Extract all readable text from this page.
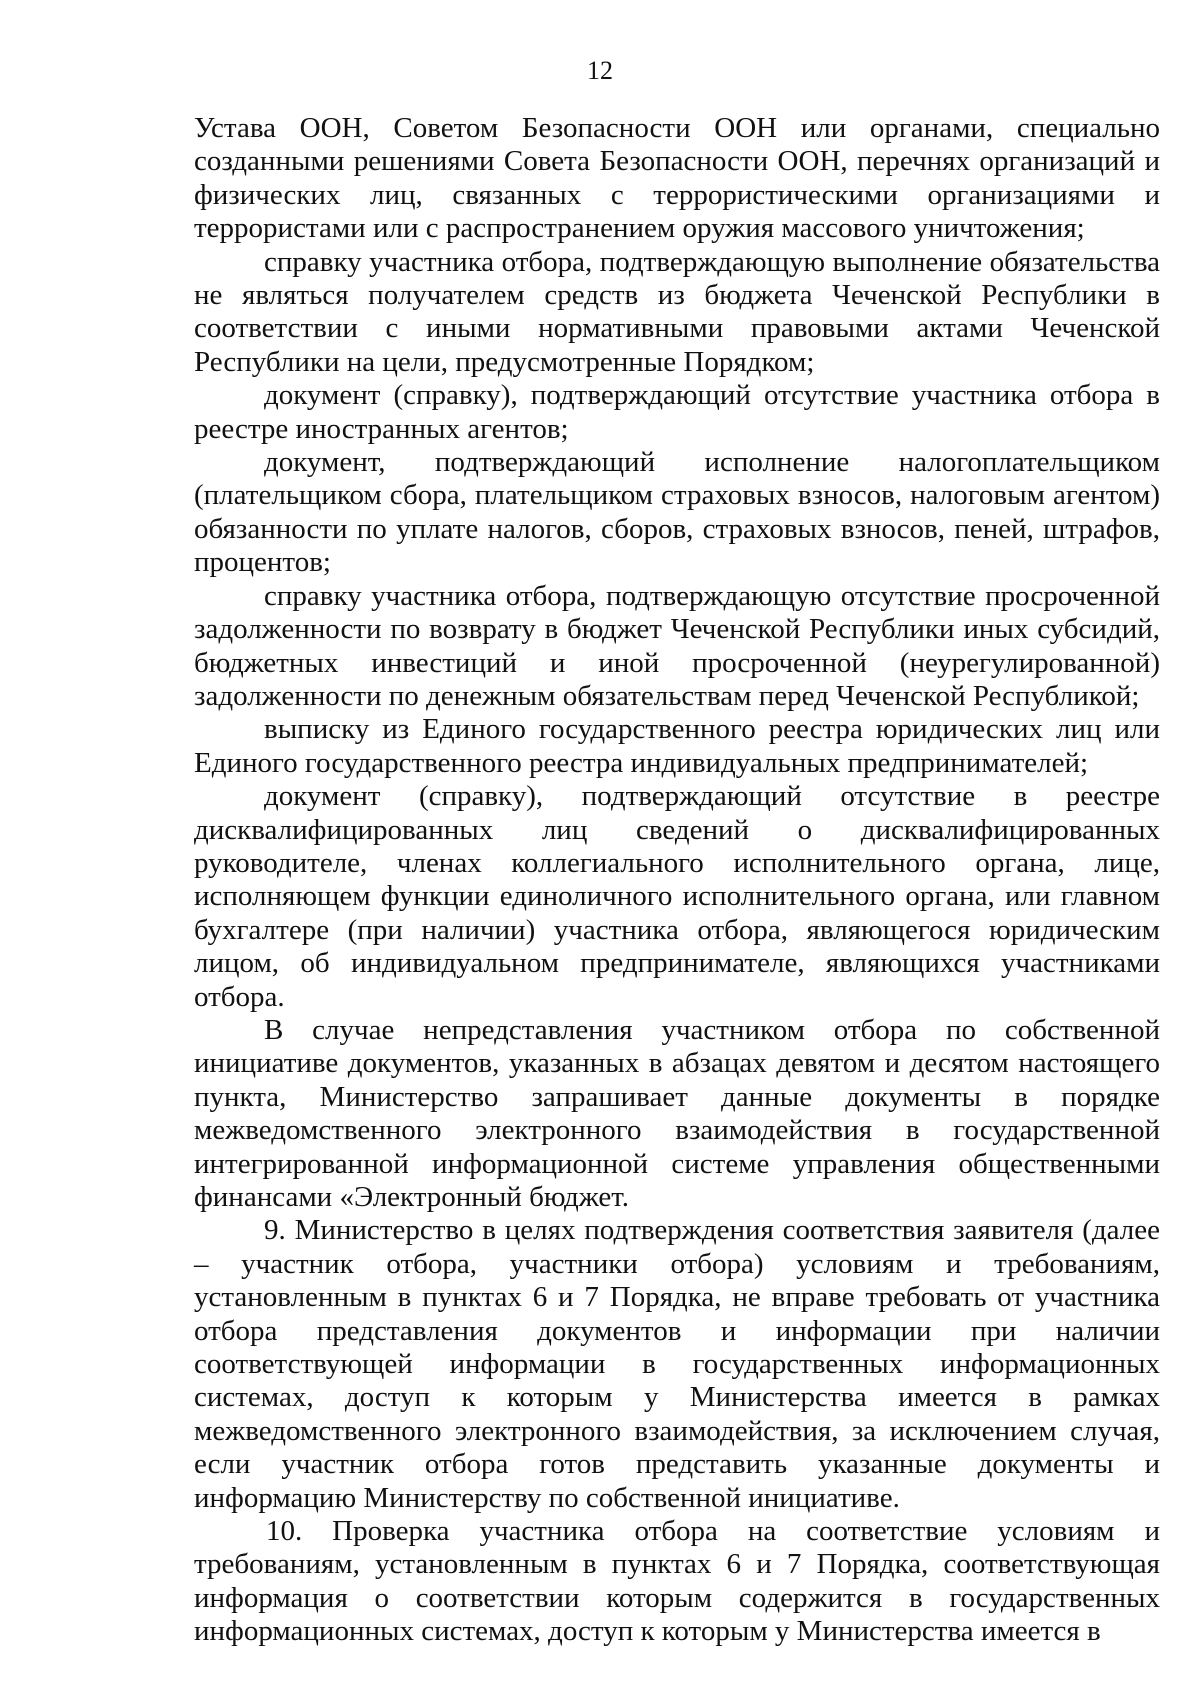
12

Устава ООН, Советом Безопасности ООН или органами, специально созданными решениями Совета Безопасности ООН, перечнях организаций и физических лиц, связанных с террористическими организациями и террористами или с распространением оружия массового уничтожения;

справку участника отбора, подтверждающую выполнение обязательства не являться получателем средств из бюджета Чеченской Республики в соответствии с иными нормативными правовыми актами Чеченской Республики на цели, предусмотренные Порядком;

документ (справку), подтверждающий отсутствие участника отбора в реестре иностранных агентов;

документ, подтверждающий исполнение налогоплательщиком (плательщиком сбора, плательщиком страховых взносов, налоговым агентом) обязанности по уплате налогов, сборов, страховых взносов, пеней, штрафов, процентов;

справку участника отбора, подтверждающую отсутствие просроченной задолженности по возврату в бюджет Чеченской Республики иных субсидий, бюджетных инвестиций и иной просроченной (неурегулированной) задолженности по денежным обязательствам перед Чеченской Республикой;

выписку из Единого государственного реестра юридических лиц или Единого государственного реестра индивидуальных предпринимателей;

документ (справку), подтверждающий отсутствие в реестре дисквалифицированных лиц сведений о дисквалифицированных руководителе, членах коллегиального исполнительного органа, лице, исполняющем функции единоличного исполнительного органа, или главном бухгалтере (при наличии) участника отбора, являющегося юридическим лицом, об индивидуальном предпринимателе, являющихся участниками отбора.

В случае непредставления участником отбора по собственной инициативе документов, указанных в абзацах девятом и десятом настоящего пункта, Министерство запрашивает данные документы в порядке межведомственного электронного взаимодействия в государственной интегрированной информационной системе управления общественными финансами «Электронный бюджет.

9. Министерство в целях подтверждения соответствия заявителя (далее – участник отбора, участники отбора) условиям и требованиям, установленным в пунктах 6 и 7 Порядка, не вправе требовать от участника отбора представления документов и информации при наличии соответствующей информации в государственных информационных системах, доступ к которым у Министерства имеется в рамках межведомственного электронного взаимодействия, за исключением случая, если участник отбора готов представить указанные документы и информацию Министерству по собственной инициативе.

10. Проверка участника отбора на соответствие условиям и требованиям, установленным в пунктах 6 и 7 Порядка, соответствующая информация о соответствии которым содержится в государственных информационных системах, доступ к которым у Министерства имеется в
